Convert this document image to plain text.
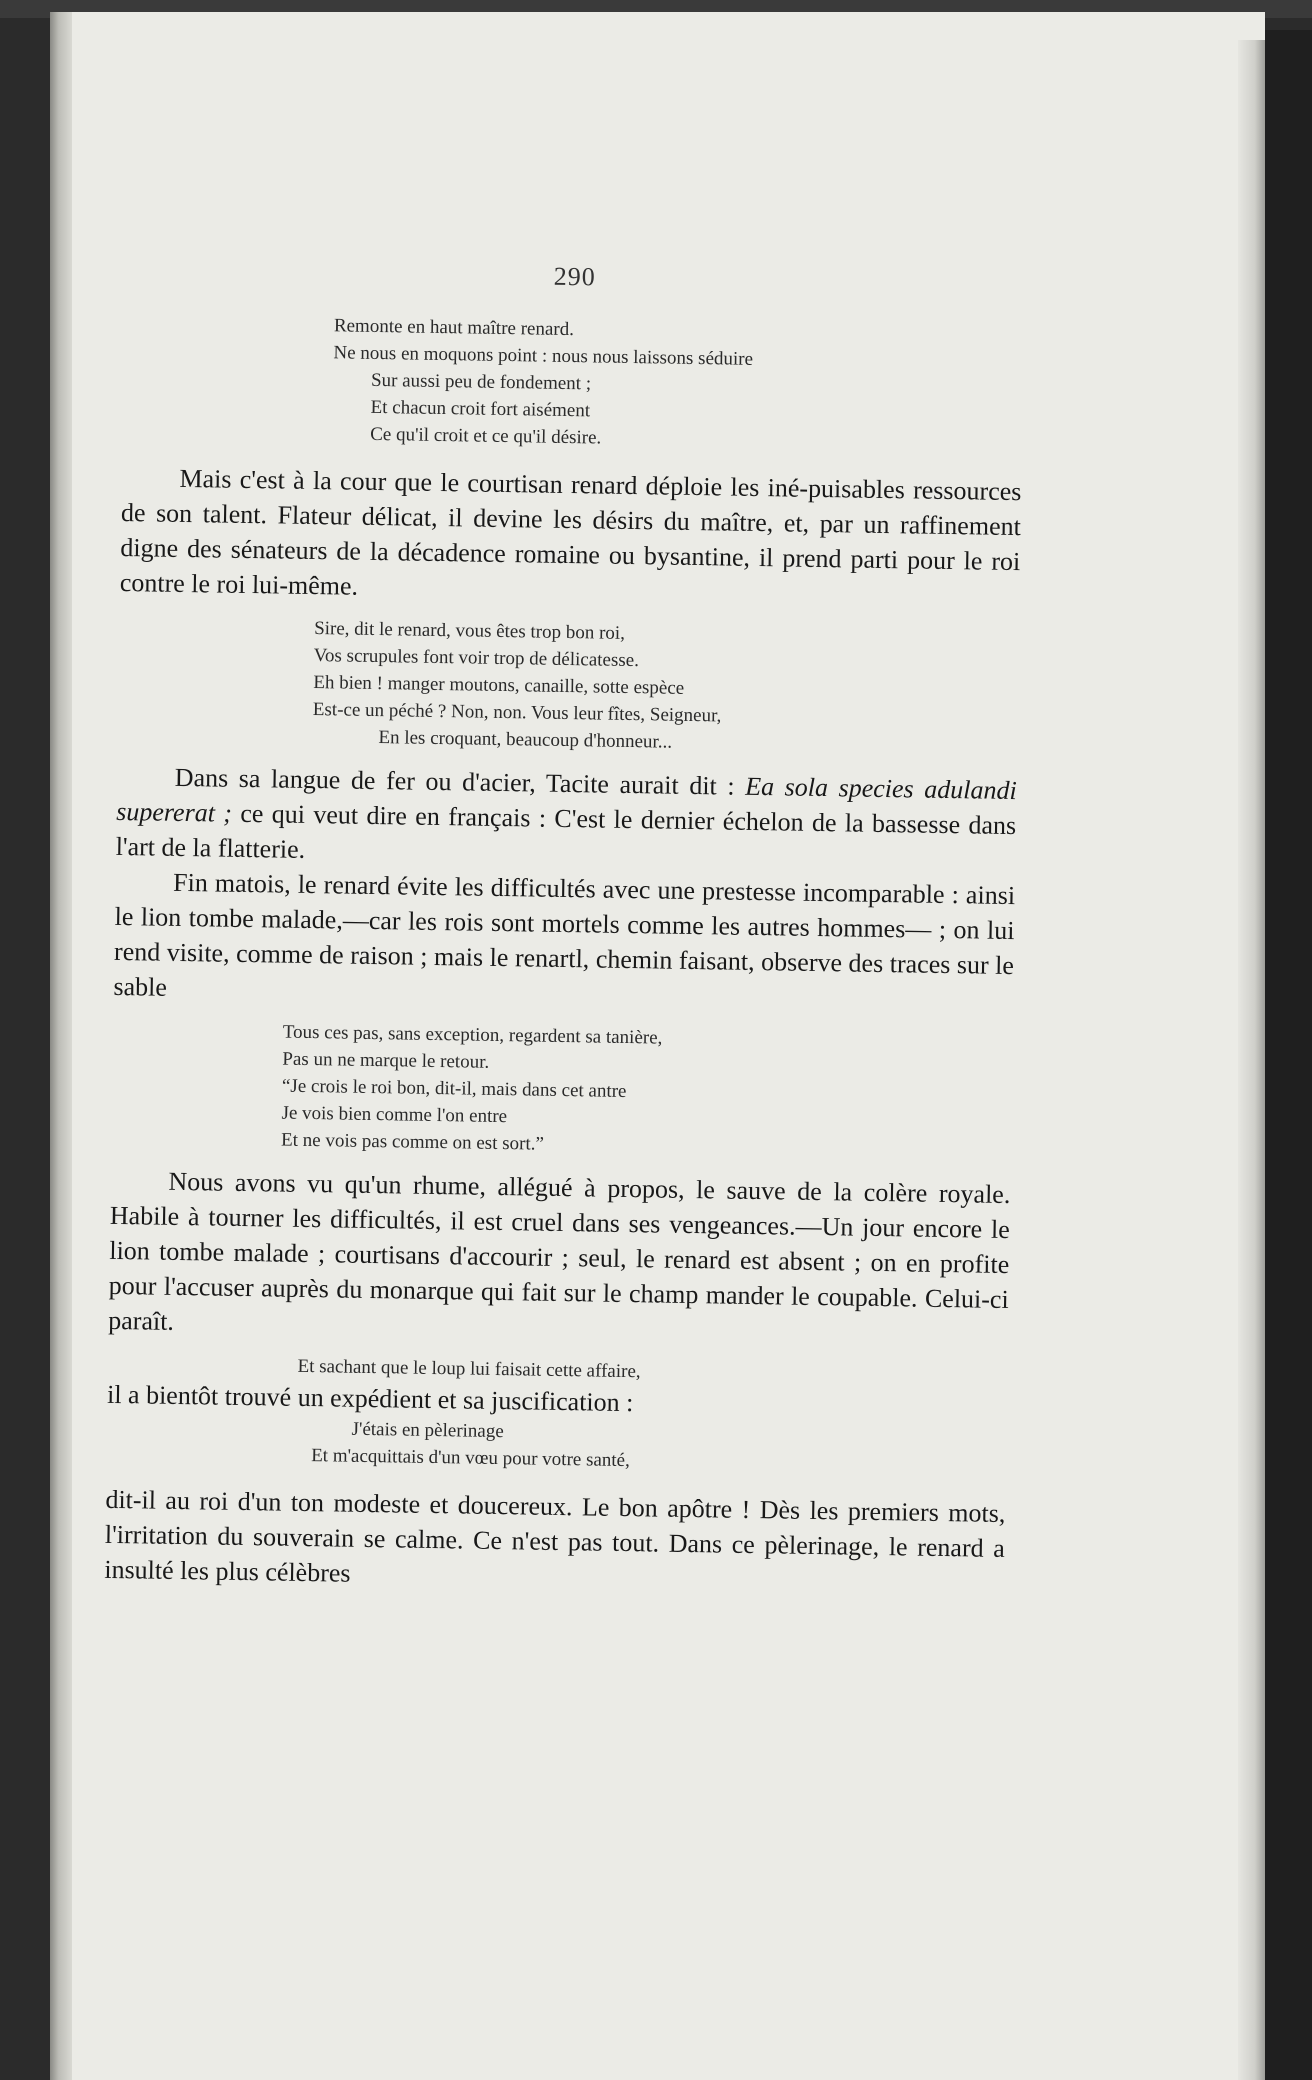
290
Remonte en haut maître renard.
Ne nous en moquons point : nous nous laissons séduire
Sur aussi peu de fondement ;
Et chacun croit fort aisément
Ce qu'il croit et ce qu'il désire.

Mais c'est à la cour que le courtisan renard déploie les iné-puisables ressources de son talent. Flateur délicat, il devine les désirs du maître, et, par un raffinement digne des sénateurs de la décadence romaine ou bysantine, il prend parti pour le roi contre le roi lui-même.

Sire, dit le renard, vous êtes trop bon roi,
Vos scrupules font voir trop de délicatesse.
Eh bien ! manger moutons, canaille, sotte espèce
Est-ce un péché ? Non, non. Vous leur fîtes, Seigneur,
En les croquant, beaucoup d'honneur...

Dans sa langue de fer ou d'acier, Tacite aurait dit : Ea sola species adulandi supererat ; ce qui veut dire en français : C'est le dernier échelon de la bassesse dans l'art de la flatterie.

Fin matois, le renard évite les difficultés avec une prestesse incomparable : ainsi le lion tombe malade,—car les rois sont mortels comme les autres hommes— ; on lui rend visite, comme de raison ; mais le renartl, chemin faisant, observe des traces sur le sable

Tous ces pas, sans exception, regardent sa tanière,
Pas un ne marque le retour.
“Je crois le roi bon, dit-il, mais dans cet antre
Je vois bien comme l'on entre
Et ne vois pas comme on est sort.”

Nous avons vu qu'un rhume, allégué à propos, le sauve de la colère royale. Habile à tourner les difficultés, il est cruel dans ses vengeances.—Un jour encore le lion tombe malade ; courtisans d'accourir ; seul, le renard est absent ; on en profite pour l'accuser auprès du monarque qui fait sur le champ mander le coupable. Celui-ci paraît.

Et sachant que le loup lui faisait cette affaire,

il a bientôt trouvé un expédient et sa juscification :

J'étais en pèlerinage
Et m'acquittais d'un vœu pour votre santé,

dit-il au roi d'un ton modeste et doucereux. Le bon apôtre ! Dès les premiers mots, l'irritation du souverain se calme. Ce n'est pas tout. Dans ce pèlerinage, le renard a insulté les plus célèbres
